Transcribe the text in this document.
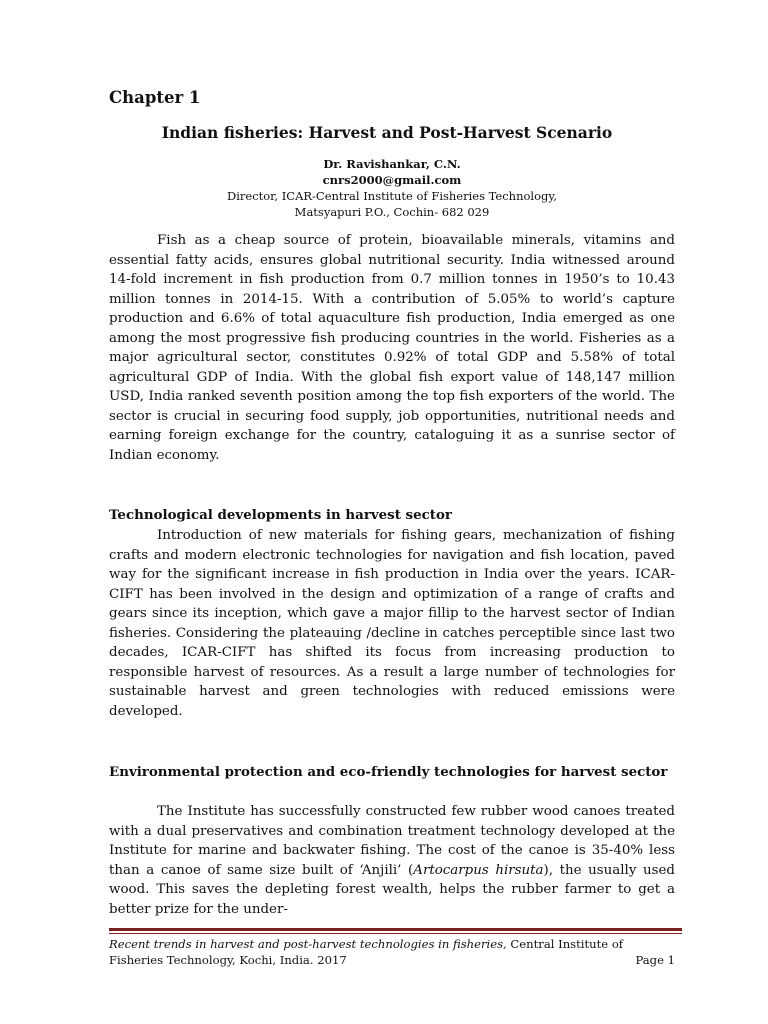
Chapter 1
Indian fisheries: Harvest and Post-Harvest Scenario
Dr. Ravishankar, C.N.
cnrs2000@gmail.com
Director, ICAR-Central Institute of Fisheries Technology,
Matsyapuri P.O., Cochin- 682 029

Fish as a cheap source of protein, bioavailable minerals, vitamins and essential fatty acids, ensures global nutritional security. India witnessed around 14-fold increment in fish production from 0.7 million tonnes in 1950’s to 10.43 million tonnes in 2014-15. With a contribution of 5.05% to world’s capture production and 6.6% of total aquaculture fish production, India emerged as one among the most progressive fish producing countries in the world. Fisheries as a major agricultural sector, constitutes 0.92% of total GDP and 5.58% of total agricultural GDP of India. With the global fish export value of 148,147 million USD, India ranked seventh position among the top fish exporters of the world. The sector is crucial in securing food supply, job opportunities, nutritional needs and earning foreign exchange for the country, cataloguing it as a sunrise sector of Indian economy.

Technological developments in harvest sector

Introduction of new materials for fishing gears, mechanization of fishing crafts and modern electronic technologies for navigation and fish location, paved way for the significant increase in fish production in India over the years. ICAR-CIFT has been involved in the design and optimization of a range of crafts and gears since its inception, which gave a major fillip to the harvest sector of Indian fisheries. Considering the plateauing /decline in catches perceptible since last two decades, ICAR-CIFT has shifted its focus from increasing production to responsible harvest of resources. As a result a large number of technologies for sustainable harvest and green technologies with reduced emissions were developed.

Environmental protection and eco-friendly technologies for harvest sector

The Institute has successfully constructed few rubber wood canoes treated with a dual preservatives and combination treatment technology developed at the Institute for marine and backwater fishing. The cost of the canoe is 35-40% less than a canoe of same size built of ‘Anjili’ (Artocarpus hirsuta), the usually used wood. This saves the depleting forest wealth, helps the rubber farmer to get a better prize for the under-

Recent trends in harvest and post-harvest technologies in fisheries, Central Institute of Fisheries Technology, Kochi, India. 2017	Page 1
